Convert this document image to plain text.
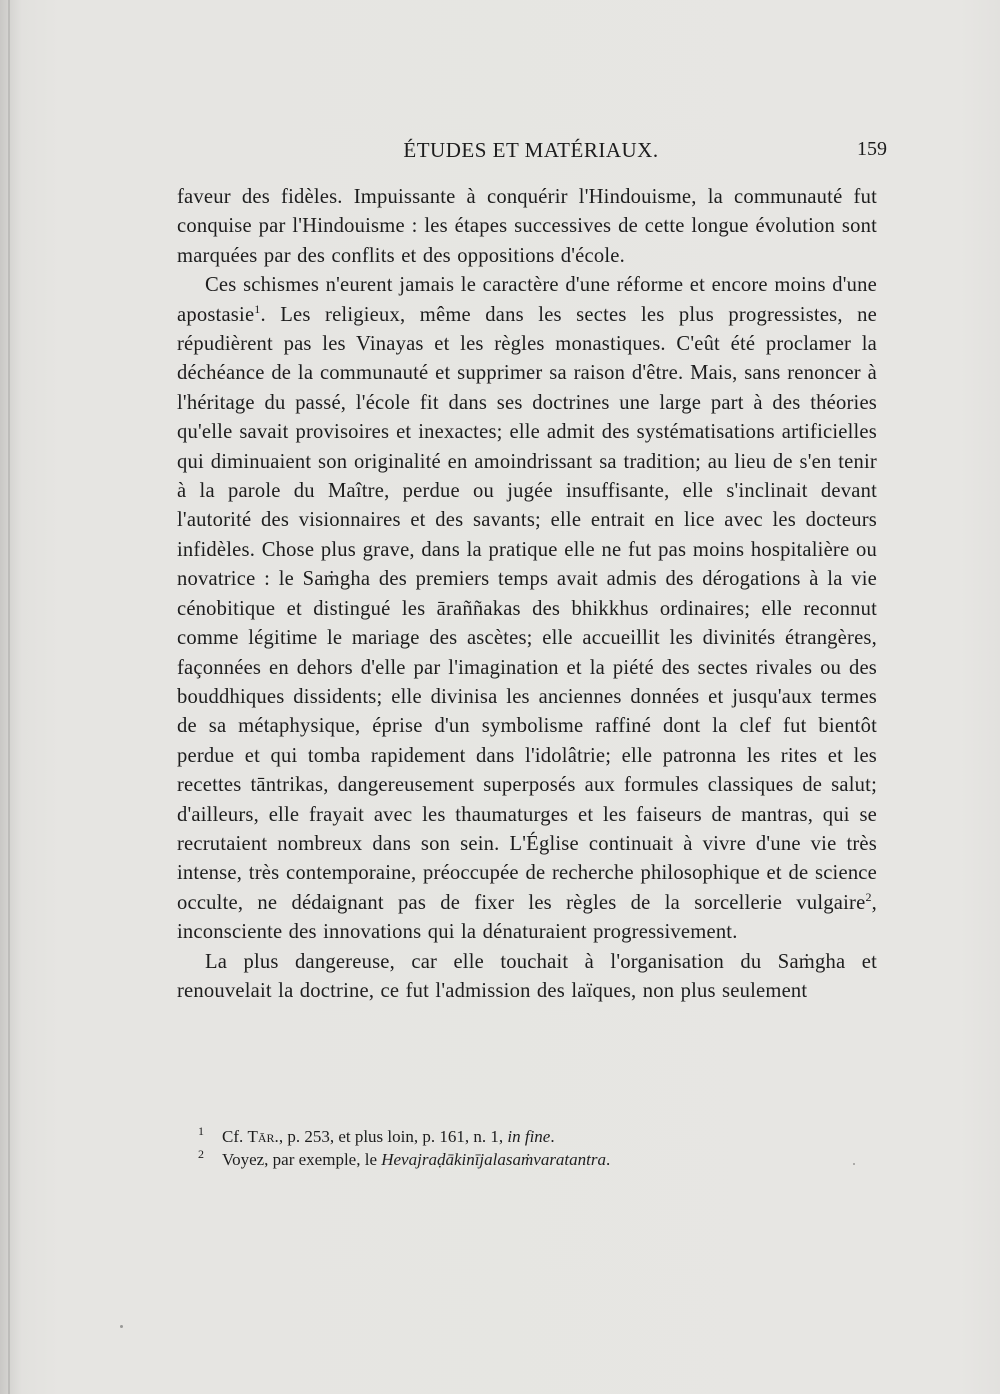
ÉTUDES ET MATÉRIAUX.	159

faveur des fidèles. Impuissante à conquérir l'Hindouisme, la communauté fut conquise par l'Hindouisme : les étapes successives de cette longue évolution sont marquées par des conflits et des oppositions d'école.

Ces schismes n'eurent jamais le caractère d'une réforme et encore moins d'une apostasie$^1$. Les religieux, même dans les sectes les plus progressistes, ne répudièrent pas les Vinayas et les règles monastiques. C'eût été proclamer la déchéance de la communauté et supprimer sa raison d'être. Mais, sans renoncer à l'héritage du passé, l'école fit dans ses doctrines une large part à des théories qu'elle savait provisoires et inexactes; elle admit des systématisations artificielles qui diminuaient son originalité en amoindrissant sa tradition; au lieu de s'en tenir à la parole du Maître, perdue ou jugée insuffisante, elle s'inclinait devant l'autorité des visionnaires et des savants; elle entrait en lice avec les docteurs infidèles. Chose plus grave, dans la pratique elle ne fut pas moins hospitalière ou novatrice : le Saṁgha des premiers temps avait admis des dérogations à la vie cénobitique et distingué les āraññakas des bhikkhus ordinaires; elle reconnut comme légitime le mariage des ascètes; elle accueillit les divinités étrangères, façonnées en dehors d'elle par l'imagination et la piété des sectes rivales ou des bouddhiques dissidents; elle divinisa les anciennes données et jusqu'aux termes de sa métaphysique, éprise d'un symbolisme raffiné dont la clef fut bientôt perdue et qui tomba rapidement dans l'idolâtrie; elle patronna les rites et les recettes tāntrikas, dangereusement superposés aux formules classiques de salut; d'ailleurs, elle frayait avec les thaumaturges et les faiseurs de mantras, qui se recrutaient nombreux dans son sein. L'Église continuait à vivre d'une vie très intense, très contemporaine, préoccupée de recherche philosophique et de science occulte, ne dédaignant pas de fixer les règles de la sorcellerie vulgaire$^2$, inconsciente des innovations qui la dénaturaient progressivement.

La plus dangereuse, car elle touchait à l'organisation du Saṁgha et renouvelait la doctrine, ce fut l'admission des laïques, non plus seulement

1 Cf. Tār., p. 253, et plus loin, p. 161, n. 1, in fine.

2 Voyez, par exemple, le Hevajraḍākinījalasaṁvaratantra.
